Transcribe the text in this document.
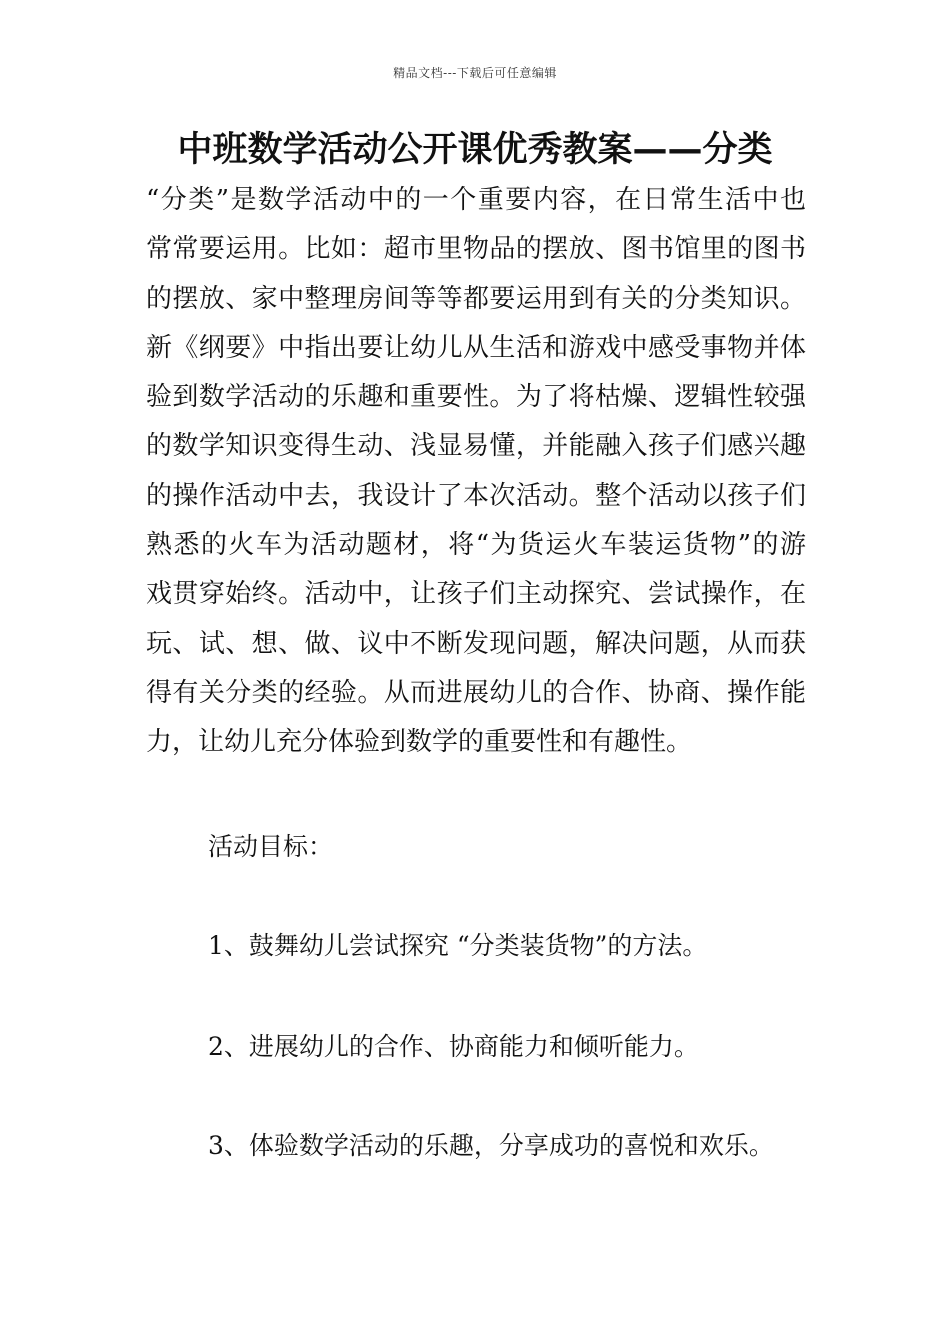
精品文档---下载后可任意编辑
中班数学活动公开课优秀教案——分类
“分类”是数学活动中的一个重要内容，在日常生活中也
常常要运用。比如：超市里物品的摆放、图书馆里的图书
的摆放、家中整理房间等等都要运用到有关的分类知识。
新《纲要》中指出要让幼儿从生活和游戏中感受事物并体
验到数学活动的乐趣和重要性。为了将枯燥、逻辑性较强
的数学知识变得生动、浅显易懂，并能融入孩子们感兴趣
的操作活动中去，我设计了本次活动。整个活动以孩子们
熟悉的火车为活动题材，将“为货运火车装运货物”的游
戏贯穿始终。活动中，让孩子们主动探究、尝试操作，在
玩、试、想、做、议中不断发现问题，解决问题，从而获
得有关分类的经验。从而进展幼儿的合作、协商、操作能
力，让幼儿充分体验到数学的重要性和有趣性。
活动目标：
1、鼓舞幼儿尝试探究 “分类装货物”的方法。
2、进展幼儿的合作、协商能力和倾听能力。
3、体验数学活动的乐趣，分享成功的喜悦和欢乐。
